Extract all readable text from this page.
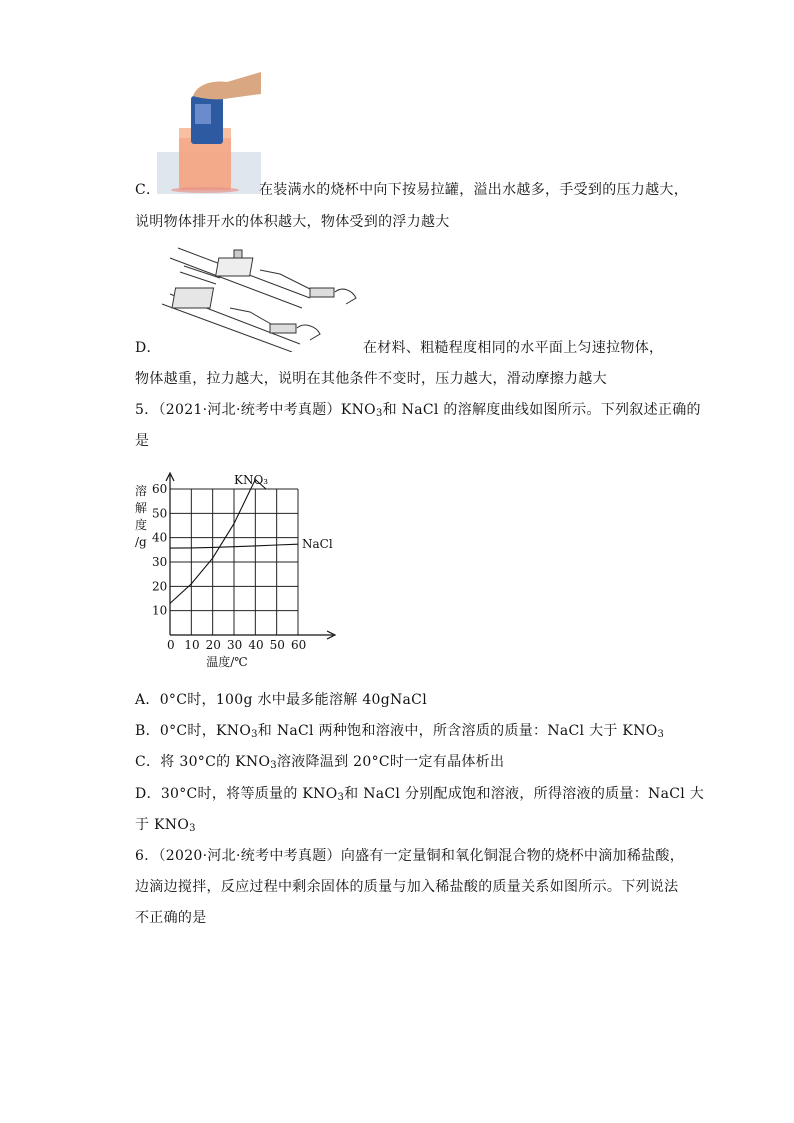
C．	在装满水的烧杯中向下按易拉罐，溢出水越多，手受到的压力越大，
说明物体排开水的体积越大，物体受到的浮力越大
D．	在材料、粗糙程度相同的水平面上匀速拉物体，
物体越重，拉力越大，说明在其他条件不变时，压力越大，滑动摩擦力越大
5．（2021·河北·统考中考真题）$KNO_3$和 NaCl 的溶解度曲线如图所示。下列叙述正确的
是
0 10 20 30 40 50 60
10
20
30
40
50
60
溶
解
度
/g
温度/℃
KNO₃
NaCl
A．0°C时，100g 水中最多能溶解 40gNaCl
B．0°C时，$KNO_3$和 NaCl 两种饱和溶液中，所含溶质的质量：NaCl 大于 $KNO_3$
C．将 30°C的 $KNO_3$溶液降温到 20°C时一定有晶体析出
D．30°C时，将等质量的 $KNO_3$和 NaCl 分别配成饱和溶液，所得溶液的质量：NaCl 大
于 $KNO_3$
6．（2020·河北·统考中考真题）向盛有一定量铜和氧化铜混合物的烧杯中滴加稀盐酸，
边滴边搅拌，反应过程中剩余固体的质量与加入稀盐酸的质量关系如图所示。下列说法
不正确的是
